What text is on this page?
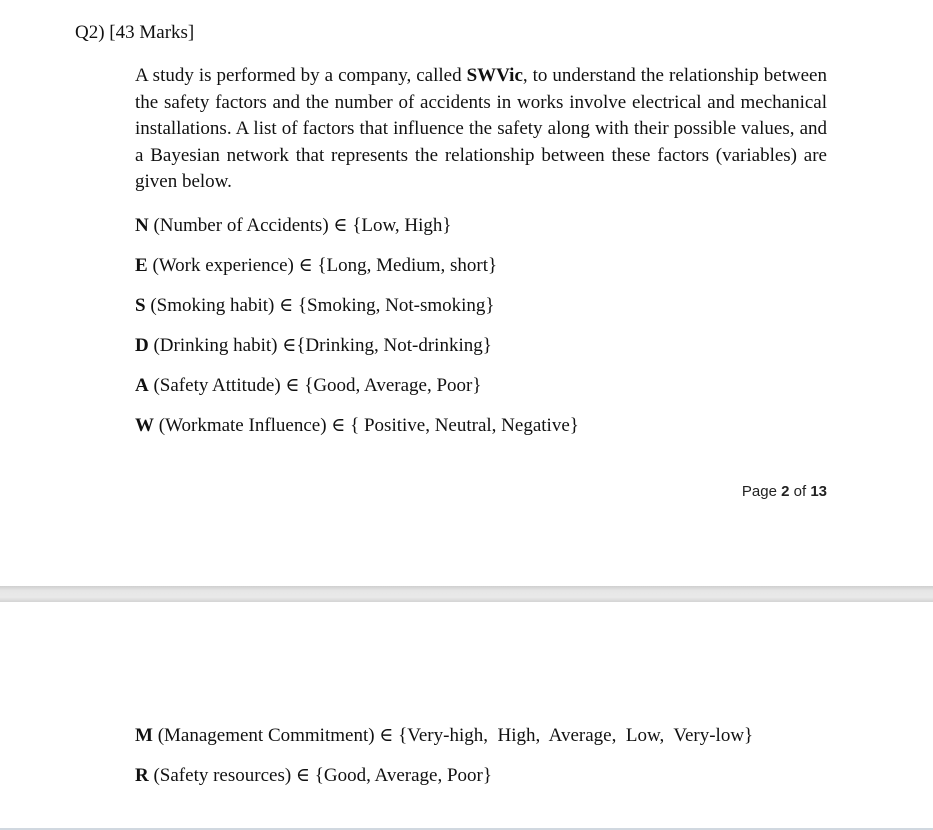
Q2) [43 Marks]
A study is performed by a company, called SWVic, to understand the relationship between the safety factors and the number of accidents in works involve electrical and mechanical installations. A list of factors that influence the safety along with their possible values, and a Bayesian network that represents the relationship between these factors (variables) are given below.
N (Number of Accidents) ∈ {Low, High}
E (Work experience) ∈ {Long, Medium, short}
S (Smoking habit) ∈ {Smoking, Not-smoking}
D (Drinking habit) ∈{Drinking, Not-drinking}
A (Safety Attitude) ∈ {Good, Average, Poor}
W (Workmate Influence) ∈ { Positive, Neutral, Negative}
Page 2 of 13
M (Management Commitment) ∈ {Very-high,  High,  Average,  Low,  Very-low}
R (Safety resources) ∈ {Good, Average, Poor}
